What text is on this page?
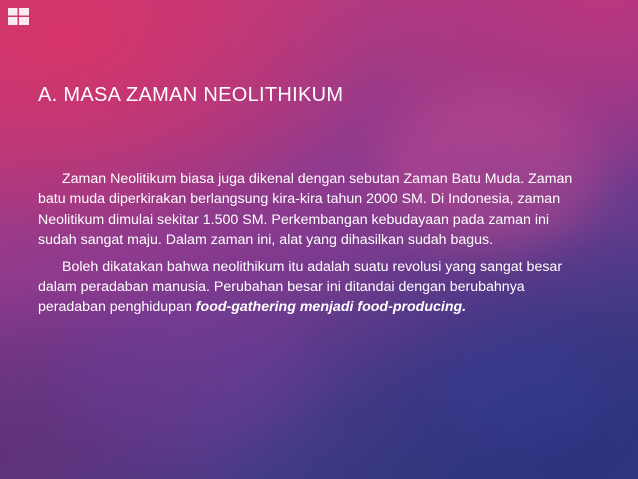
A. MASA ZAMAN NEOLITHIKUM

Zaman Neolitikum biasa juga dikenal dengan sebutan Zaman Batu Muda. Zaman batu muda diperkirakan berlangsung kira-kira tahun 2000 SM. Di Indonesia, zaman Neolitikum dimulai sekitar 1.500 SM. Perkembangan kebudayaan pada zaman ini sudah sangat maju. Dalam zaman ini, alat yang dihasilkan sudah bagus.

Boleh dikatakan bahwa neolithikum itu adalah suatu revolusi yang sangat besar dalam peradaban manusia. Perubahan besar ini ditandai dengan berubahnya peradaban penghidupan food-gathering menjadi food-producing.
